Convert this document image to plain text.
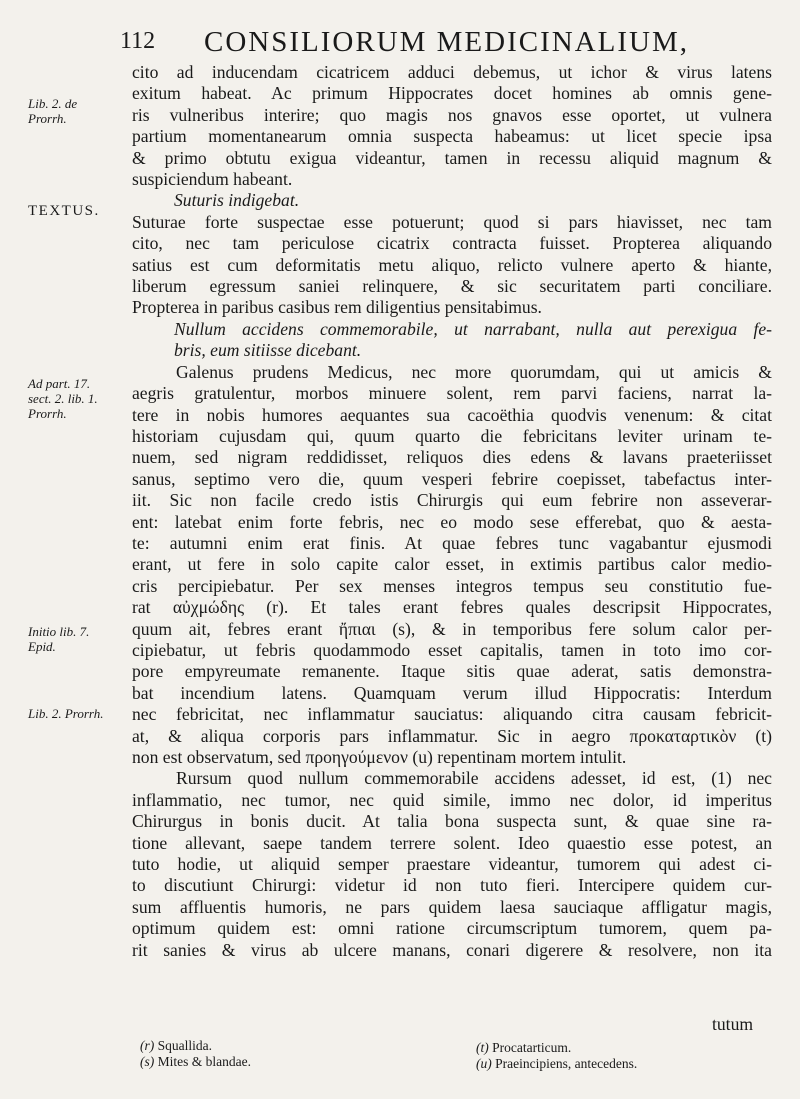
112 CONSILIORUM MEDICINALIUM,
Lib. 2. de
Prorrh.
TEXTUS.
Ad part. 17.
sect. 2. lib. 1.
Prorrh.
Initio lib. 7.
Epid.
Lib. 2. Prorrh.

cito ad inducendam cicatricem adduci debemus, ut ichor & virus latens
exitum habeat. Ac primum Hippocrates docet homines ab omnis gene-
ris vulneribus interire; quo magis nos gnavos esse oportet, ut vulnera
partium momentanearum omnia suspecta habeamus: ut licet specie ipsa
& primo obtutu exigua videantur, tamen in recessu aliquid magnum &
suspiciendum habeant.

Suturis indigebat.

Suturae forte suspectae esse potuerunt; quod si pars hiavisset, nec tam
cito, nec tam periculose cicatrix contracta fuisset. Propterea aliquando
satius est cum deformitatis metu aliquo, relicto vulnere aperto & hiante,
liberum egressum saniei relinquere, & sic securitatem parti conciliare.
Propterea in paribus casibus rem diligentius pensitabimus.

Nullum accidens commemorabile, ut narrabant, nulla aut perexigua fe-
bris, eum sitiisse dicebant.

Galenus prudens Medicus, nec more quorumdam, qui ut amicis &
aegris gratulentur, morbos minuere solent, rem parvi faciens, narrat la-
tere in nobis humores aequantes sua cacoëthia quodvis venenum: & citat
historiam cujusdam qui, quum quarto die febricitans leviter urinam te-
nuem, sed nigram reddidisset, reliquos dies edens & lavans praeteriisset
sanus, septimo vero die, quum vesperi febrire coepisset, tabefactus inter-
iit. Sic non facile credo istis Chirurgis qui eum febrire non asseverar-
ent: latebat enim forte febris, nec eo modo sese efferebat, quo & aesta-
te: autumni enim erat finis. At quae febres tunc vagabantur ejusmodi
erant, ut fere in solo capite calor esset, in extimis partibus calor medio-
cris percipiebatur. Per sex menses integros tempus seu constitutio fue-
rat αὐχμώδης (r). Et tales erant febres quales descripsit Hippocrates,
quum ait, febres erant ἤπιαι (s), & in temporibus fere solum calor per-
cipiebatur, ut febris quodammodo esset capitalis, tamen in toto imo cor-
pore empyreumate remanente. Itaque sitis quae aderat, satis demonstra-
bat incendium latens. Quamquam verum illud Hippocratis: Interdum
nec febricitat, nec inflammatur sauciatus: aliquando citra causam febricit-
at, & aliqua corporis pars inflammatur. Sic in aegro προκαταρτικὸν (t)
non est observatum, sed προηγούμενον (u) repentinam mortem intulit.

Rursum quod nullum commemorabile accidens adesset, id est, (1) nec
inflammatio, nec tumor, nec quid simile, immo nec dolor, id imperitus
Chirurgus in bonis ducit. At talia bona suspecta sunt, & quae sine ra-
tione allevant, saepe tandem terrere solent. Ideo quaestio esse potest, an
tuto hodie, ut aliquid semper praestare videantur, tumorem qui adest ci-
to discutiunt Chirurgi: videtur id non tuto fieri. Intercipere quidem cur-
sum affluentis humoris, ne pars quidem laesa sauciaque affligatur magis,
optimum quidem est: omni ratione circumscriptum tumorem, quem pa-
rit sanies & virus ab ulcere manans, conari digerere & resolvere, non ita

tutum
(r) Squallida.	(t) Procatarticum.
(s) Mites & blandae.	(u) Praeincipiens, antecedens.
